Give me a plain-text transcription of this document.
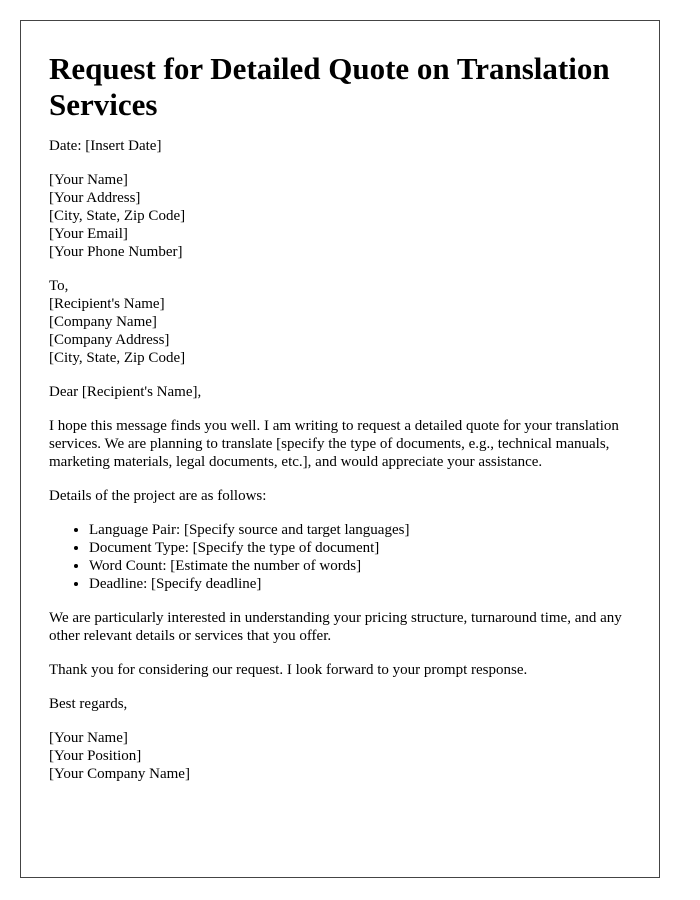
Request for Detailed Quote on Translation Services
Date: [Insert Date]
[Your Name]
[Your Address]
[City, State, Zip Code]
[Your Email]
[Your Phone Number]
To,
[Recipient's Name]
[Company Name]
[Company Address]
[City, State, Zip Code]
Dear [Recipient's Name],
I hope this message finds you well. I am writing to request a detailed quote for your translation services. We are planning to translate [specify the type of documents, e.g., technical manuals, marketing materials, legal documents, etc.], and would appreciate your assistance.
Details of the project are as follows:
• Language Pair: [Specify source and target languages]
• Document Type: [Specify the type of document]
• Word Count: [Estimate the number of words]
• Deadline: [Specify deadline]
We are particularly interested in understanding your pricing structure, turnaround time, and any other relevant details or services that you offer.
Thank you for considering our request. I look forward to your prompt response.
Best regards,
[Your Name]
[Your Position]
[Your Company Name]
